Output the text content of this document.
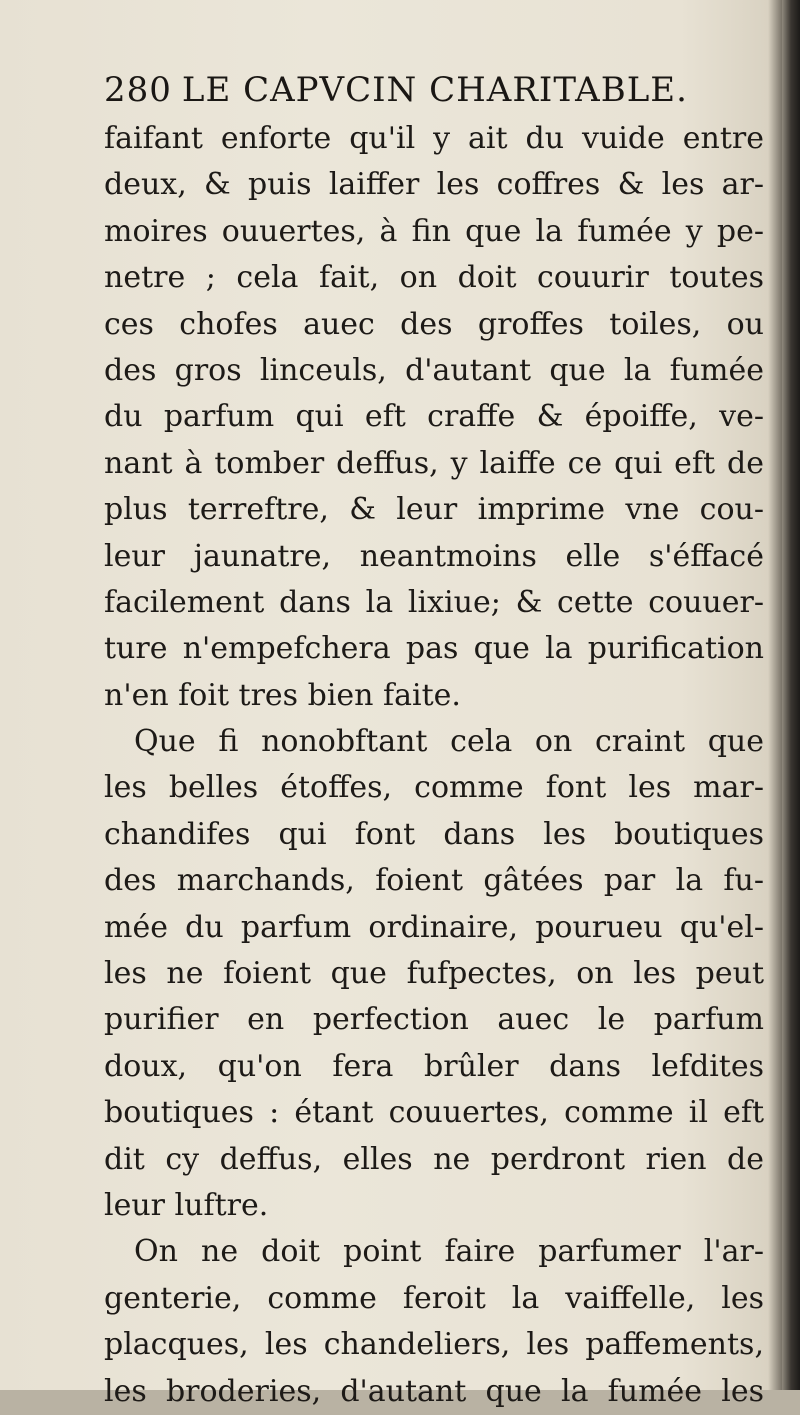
280 LE CAPVCIN CHARITABLE.
faifant enforte qu'il y ait du vuide entre
deux, & puis laiffer les coffres & les ar-
moires ouuertes, à fin que la fumée y pe-
netre ; cela fait, on doit couurir toutes
ces chofes auec des groffes toiles, ou
des gros linceuls, d'autant que la fumée
du parfum qui eft craffe & époiffe, ve-
nant à tomber deffus, y laiffe ce qui eft de
plus terreftre, & leur imprime vne cou-
leur jaunatre, neantmoins elle s'éffacé
facilement dans la lixiue; & cette couuer-
ture n'empefchera pas que la purification
n'en foit tres bien faite.
Que fi nonobftant cela on craint que
les belles étoffes, comme font les mar-
chandifes qui font dans les boutiques
des marchands, foient gâtées par la fu-
mée du parfum ordinaire, pourueu qu'el-
les ne foient que fufpectes, on les peut
purifier en perfection auec le parfum
doux, qu'on fera brûler dans lefdites
boutiques : étant couuertes, comme il eft
dit cy deffus, elles ne perdront rien de
leur luftre.
On ne doit point faire parfumer l'ar-
genterie, comme feroit la vaiffelle, les
placques, les chandeliers, les paffements,
les broderies, d'autant que la fumée les
